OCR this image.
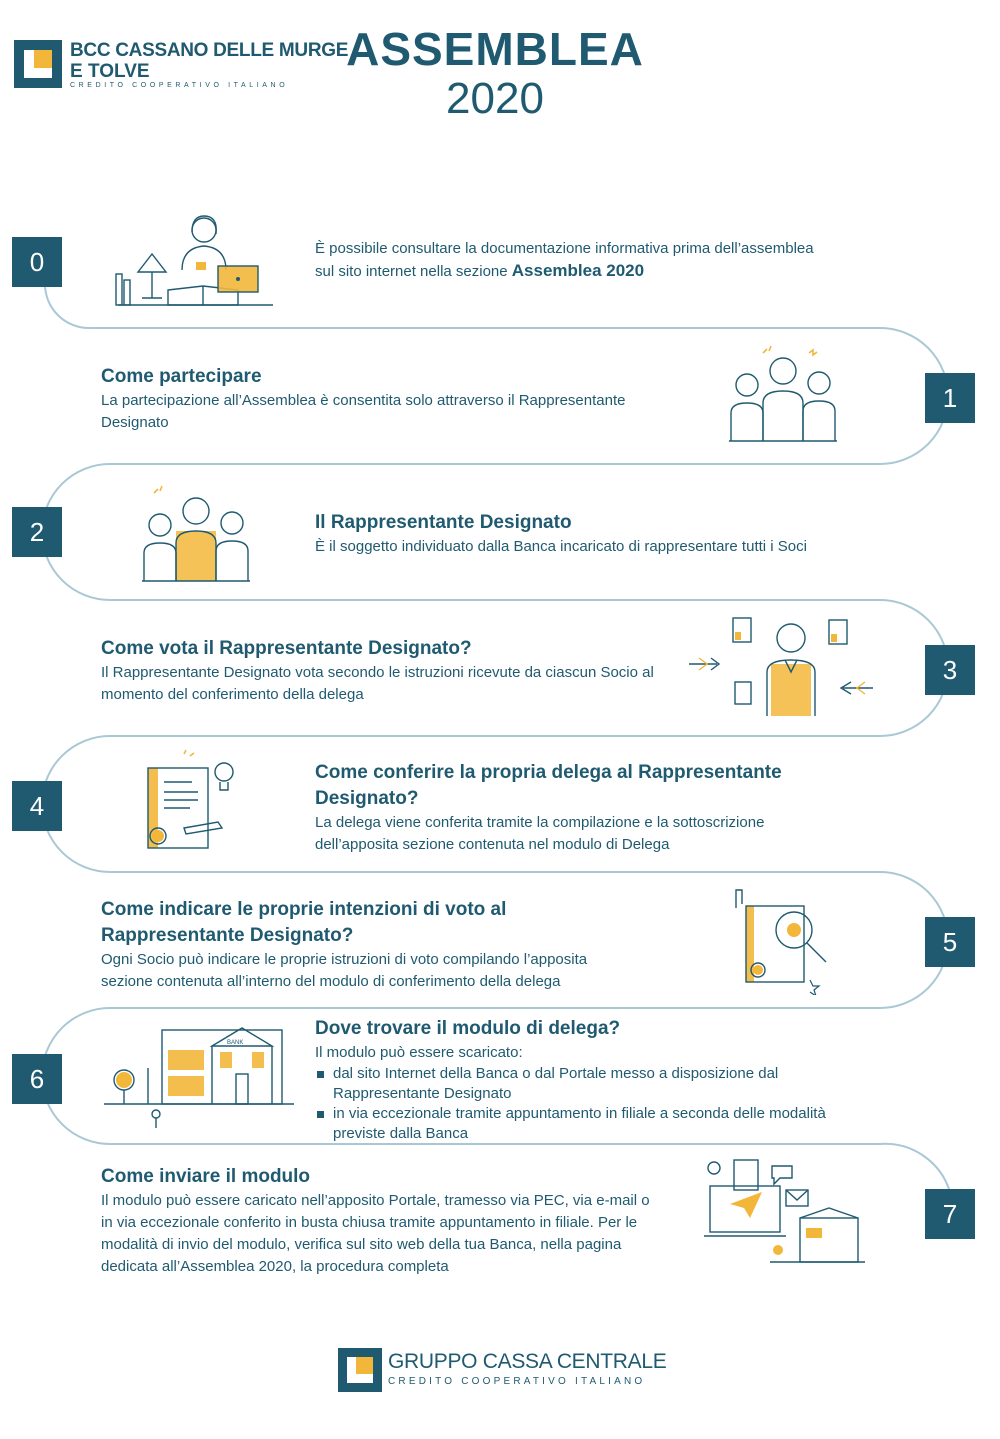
BCC CASSANO DELLE MURGE
E TOLVE
CREDITO COOPERATIVO ITALIANO
ASSEMBLEA
2020
0	È possibile consultare la documentazione informativa prima dell’assemblea

sul sito internet nella sezione Assemblea 2020

Come partecipare

La partecipazione all’Assemblea è consentita solo attraverso il Rappresentante Designato

1
2	Il Rappresentante Designato

È il soggetto individuato dalla Banca incaricato di rappresentare tutti i Soci

Come vota il Rappresentante Designato?

Il Rappresentante Designato vota secondo le istruzioni ricevute da ciascun Socio al momento del conferimento della delega

3
4
Come conferire la propria delega al Rappresentante Designato?

La delega viene conferita tramite la compilazione e la sottoscrizione dell’apposita sezione contenuta nel modulo di Delega

Come indicare le proprie intenzioni di voto al Rappresentante Designato?

Ogni Socio può indicare le proprie istruzioni di voto compilando l’apposita sezione contenuta all’interno del modulo di conferimento della delega

5
6
BANK
Dove trovare il modulo di delega?

Il modulo può essere scaricato:

dal sito Internet della Banca o dal Portale messo a disposizione dal Rappresentante Designato
in via eccezionale tramite appuntamento in filiale a seconda delle modalità previste dalla Banca
Come inviare il modulo

Il modulo può essere caricato nell’apposito Portale, tramesso via PEC, via e-mail o in via eccezionale conferito in busta chiusa tramite appuntamento in filiale. Per le modalità di invio del modulo, verifica sul sito web della tua Banca, nella pagina dedicata all’Assemblea 2020, la procedura completa

7
GRUPPO CASSA CENTRALE
CREDITO COOPERATIVO ITALIANO
